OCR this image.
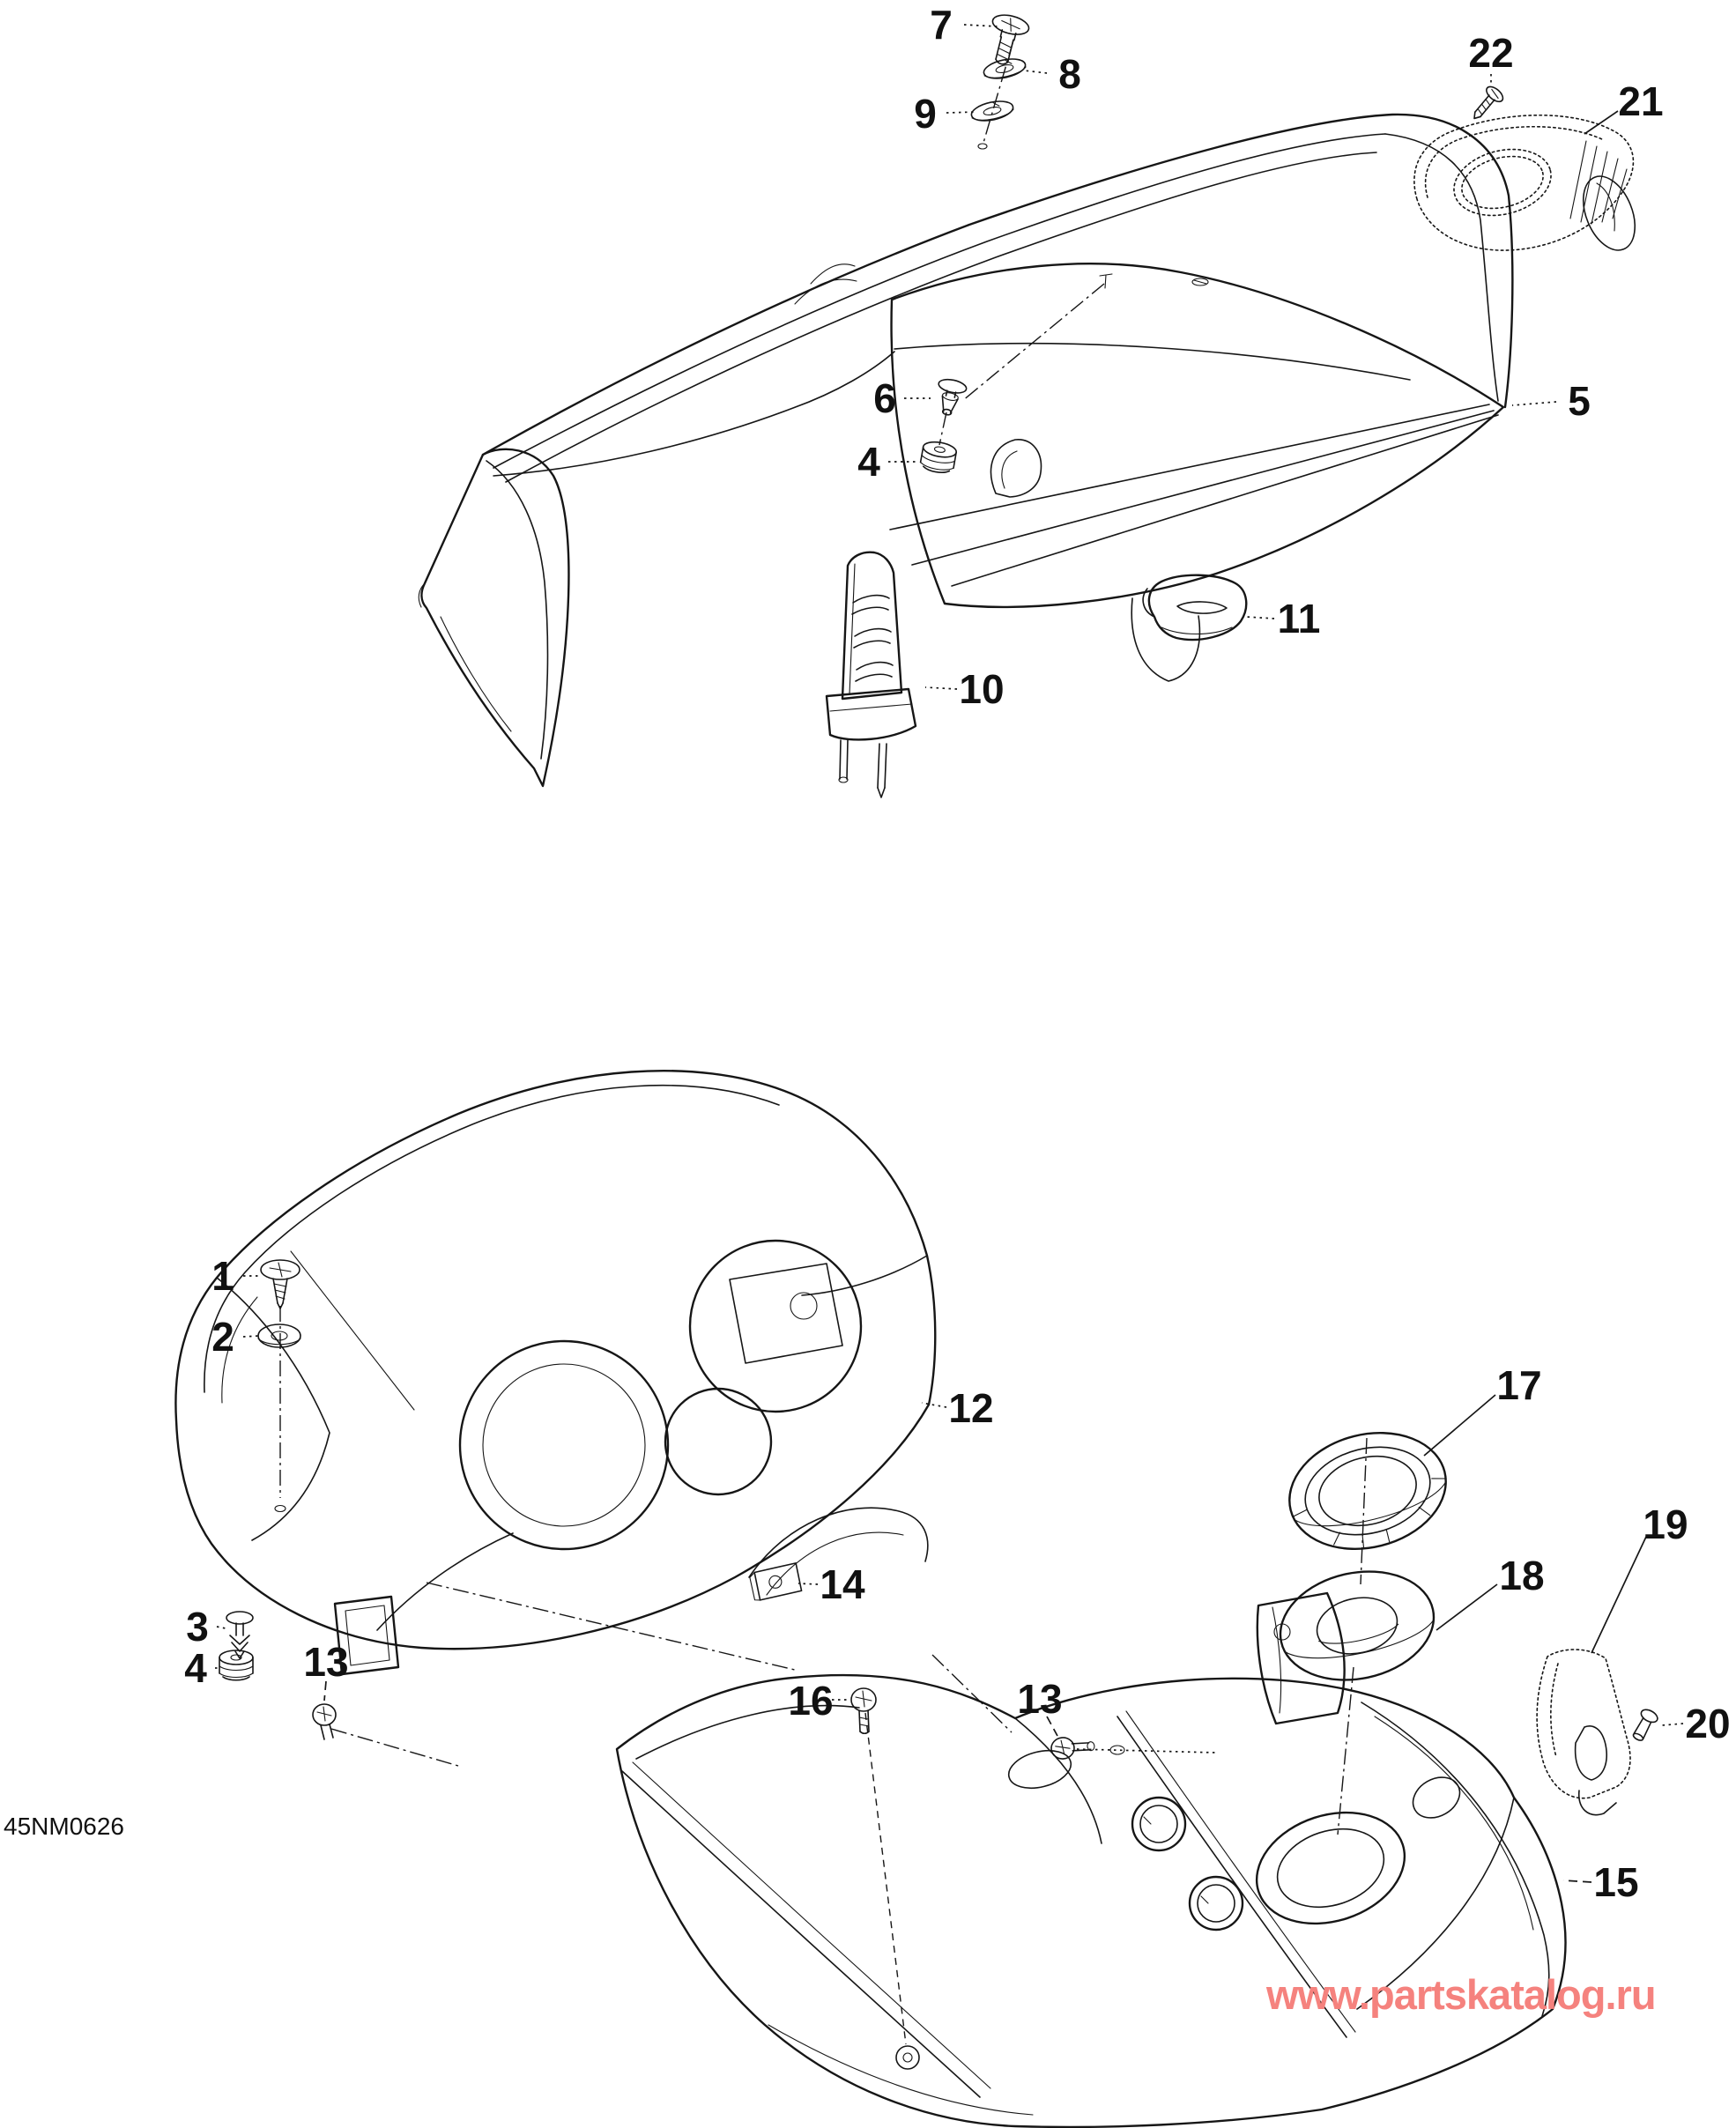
7
8
9
22
21
5
6
4
10
11
1
2
12	17
18
3
4 13
14
16	13
19
20
15
45NM0626
www.partskatalog.ru
